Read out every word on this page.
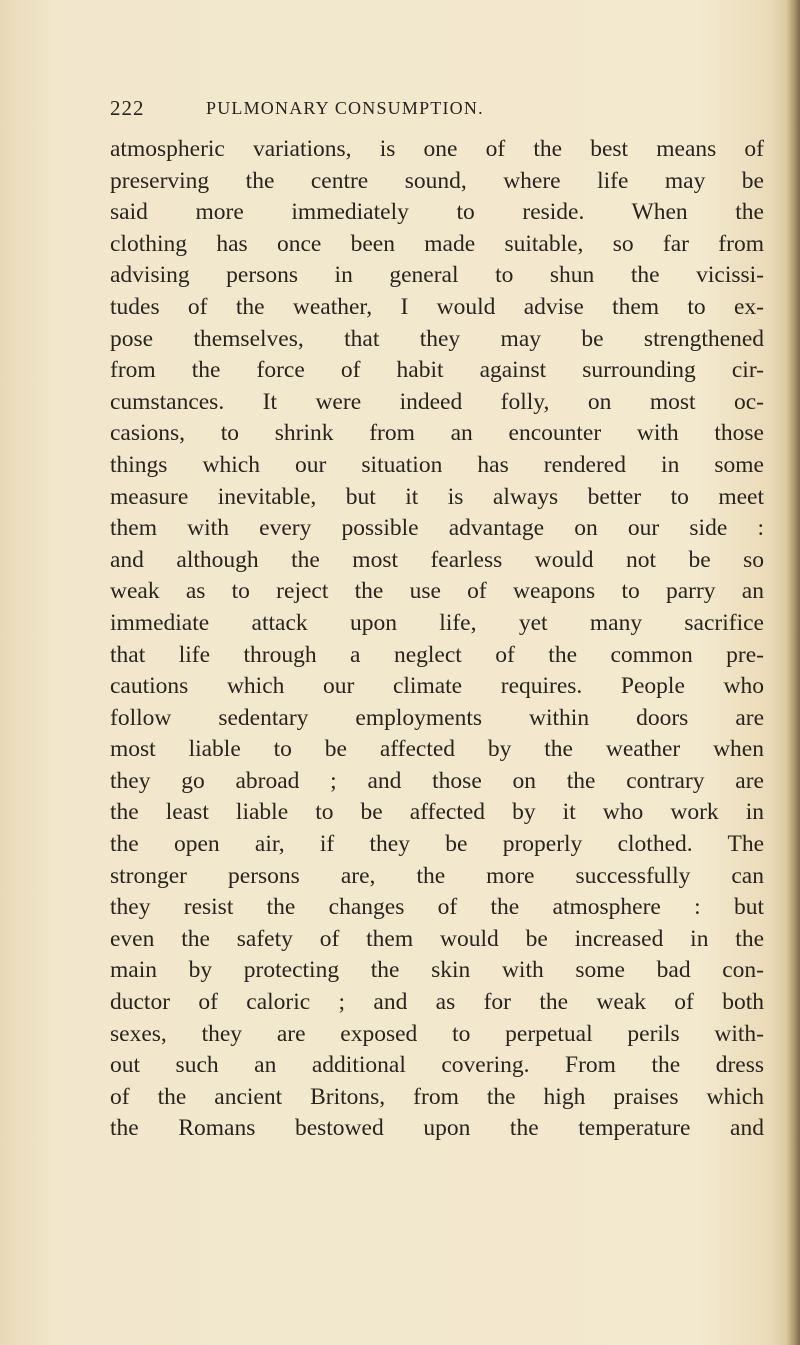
222	PULMONARY CONSUMPTION.
atmospheric variations, is one of the best means of
preserving the centre sound, where life may be
said more immediately to reside. When the
clothing has once been made suitable, so far from
advising persons in general to shun the vicissi-
tudes of the weather, I would advise them to ex-
pose themselves, that they may be strengthened
from the force of habit against surrounding cir-
cumstances. It were indeed folly, on most oc-
casions, to shrink from an encounter with those
things which our situation has rendered in some
measure inevitable, but it is always better to meet
them with every possible advantage on our side :
and although the most fearless would not be so
weak as to reject the use of weapons to parry an
immediate attack upon life, yet many sacrifice
that life through a neglect of the common pre-
cautions which our climate requires. People who
follow sedentary employments within doors are
most liable to be affected by the weather when
they go abroad ; and those on the contrary are
the least liable to be affected by it who work in
the open air, if they be properly clothed. The
stronger persons are, the more successfully can
they resist the changes of the atmosphere : but
even the safety of them would be increased in the
main by protecting the skin with some bad con-
ductor of caloric ; and as for the weak of both
sexes, they are exposed to perpetual perils with-
out such an additional covering. From the dress
of the ancient Britons, from the high praises which
the Romans bestowed upon the temperature and
